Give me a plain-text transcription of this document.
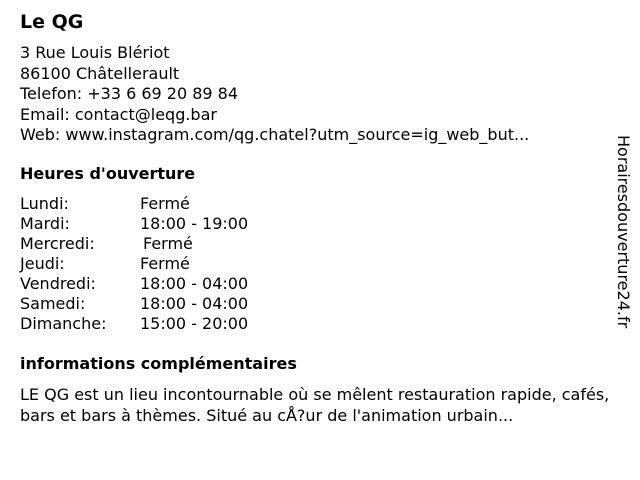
Le QG
3 Rue Louis Blériot
86100 Châtellerault
Telefon: +33 6 69 20 89 84
Email: contact@leqg.bar
Web: www.instagram.com/qg.chatel?utm_source=ig_web_but...
Heures d'ouverture
Lundi:	Fermé
Mardi:	18:00 - 19:00
Mercredi:	Fermé
Jeudi:	Fermé
Vendredi:	18:00 - 04:00
Samedi:	18:00 - 04:00
Dimanche:	15:00 - 20:00
informations complémentaires
LE QG est un lieu incontournable où se mêlent restauration rapide, cafés, bars et bars à thèmes. Situé au cÅ?ur de l'animation urbain...
Horairesdouverture24.fr
